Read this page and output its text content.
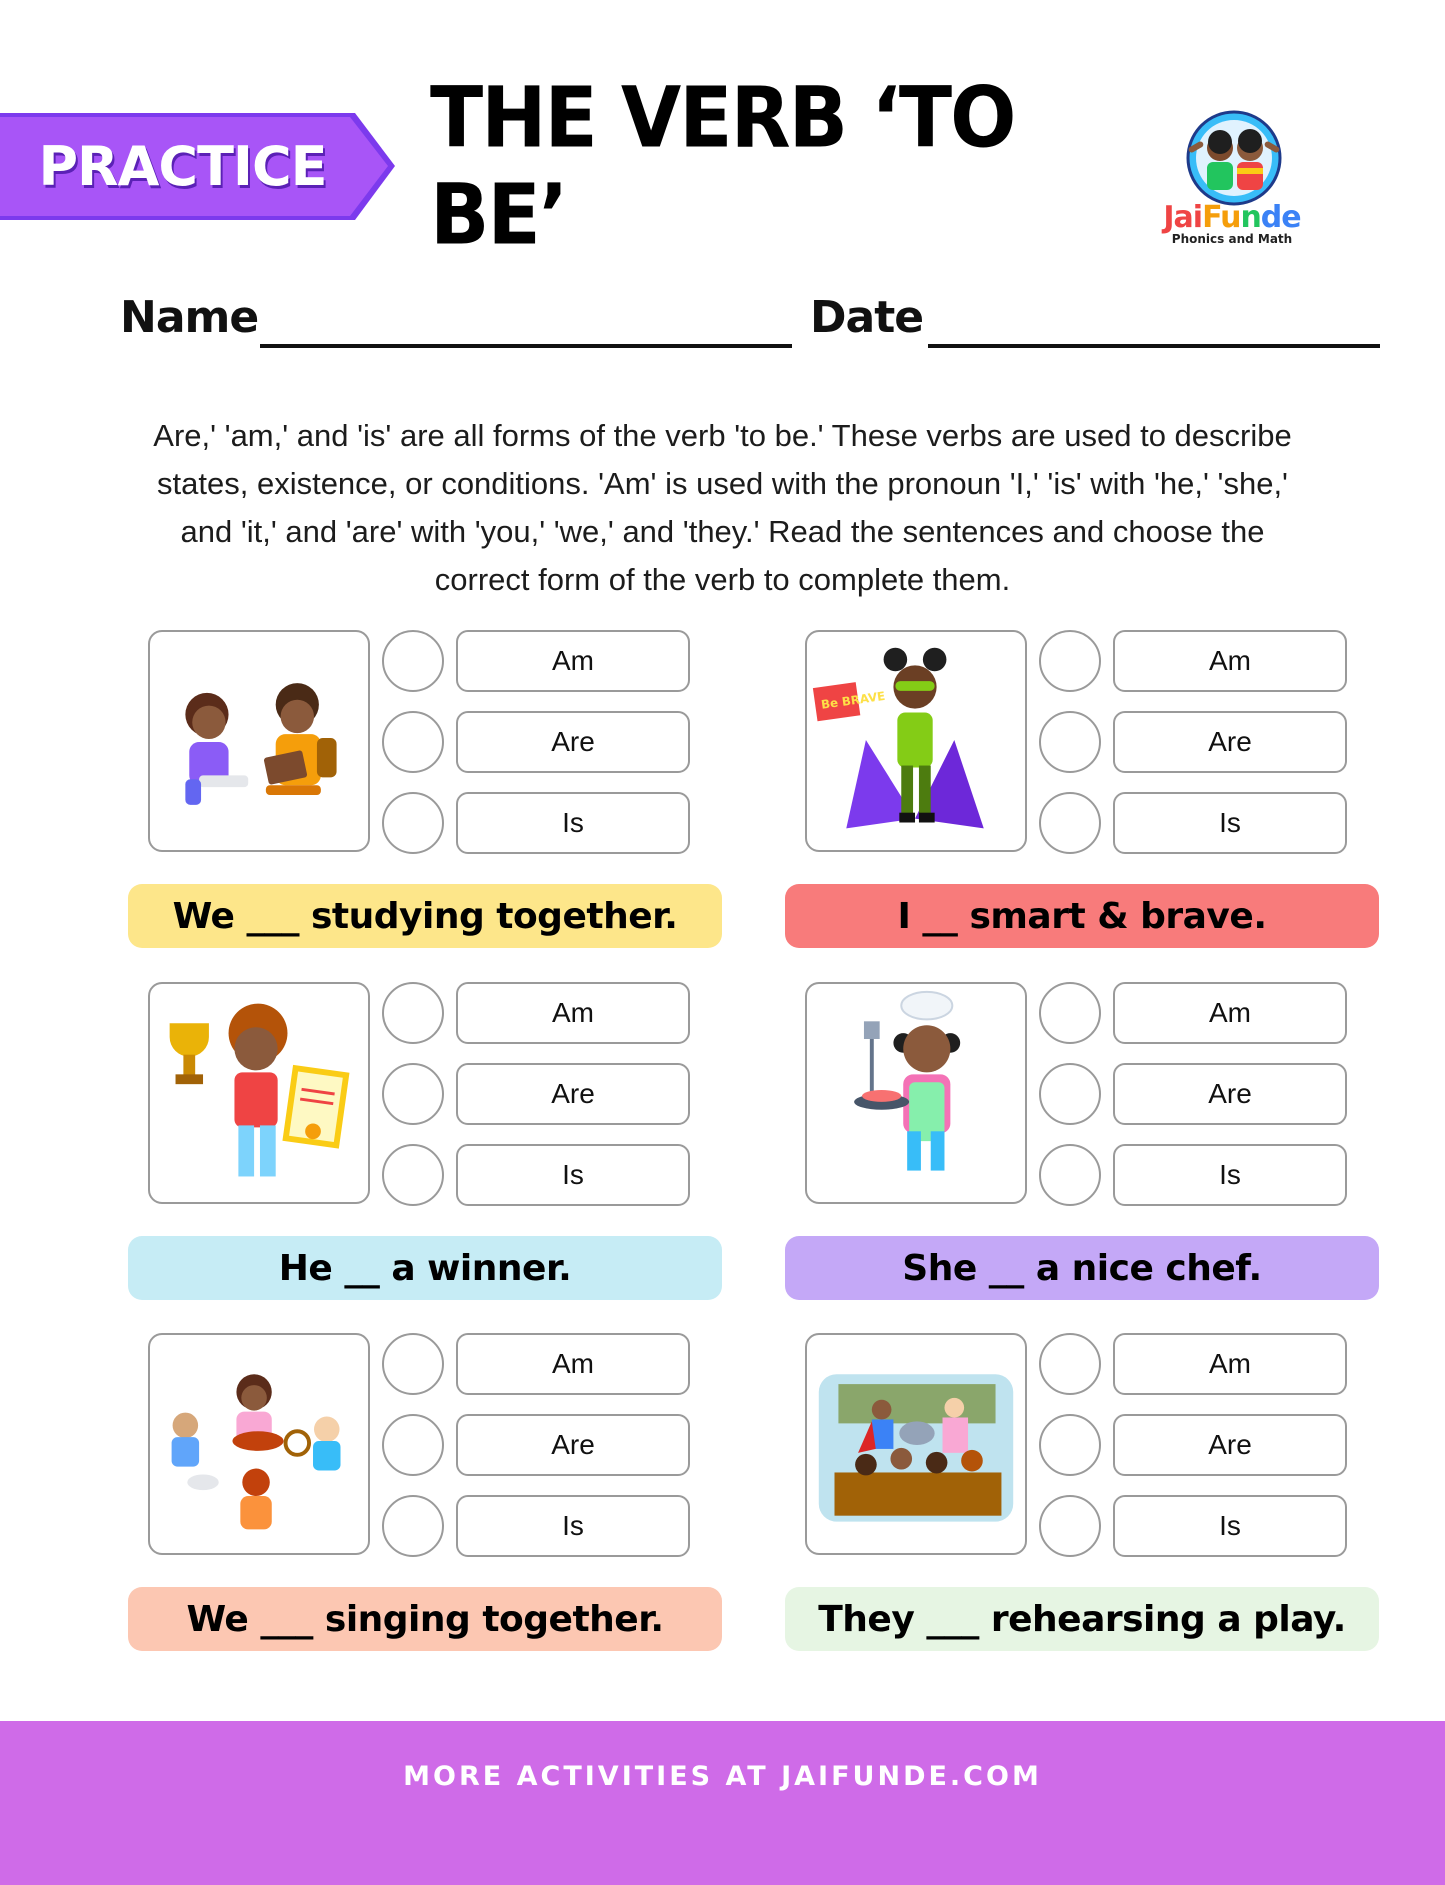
PRACTICE	THE VERB ‘TO BE’	JaiFunde
Phonics and Math
Name	Date
Are,' 'am,' and 'is' are all forms of the verb 'to be.' These verbs are used to describe states, existence, or conditions. 'Am' is used with the pronoun 'I,' 'is' with 'he,' 'she,' and 'it,' and 'are' with 'you,' 'we,' and 'they.' Read the sentences and choose the correct form of the verb to complete them.
Am
Are
Is
We ___ studying together.
Be BRAVE
Am
Are
Is
I __ smart & brave.
Am
Are
Is
He __ a winner.
Am
Are
Is
She __ a nice chef.
Am
Are
Is
We ___ singing together.
Am
Are
Is
They ___ rehearsing a play.
MORE ACTIVITIES AT JAIFUNDE.COM
